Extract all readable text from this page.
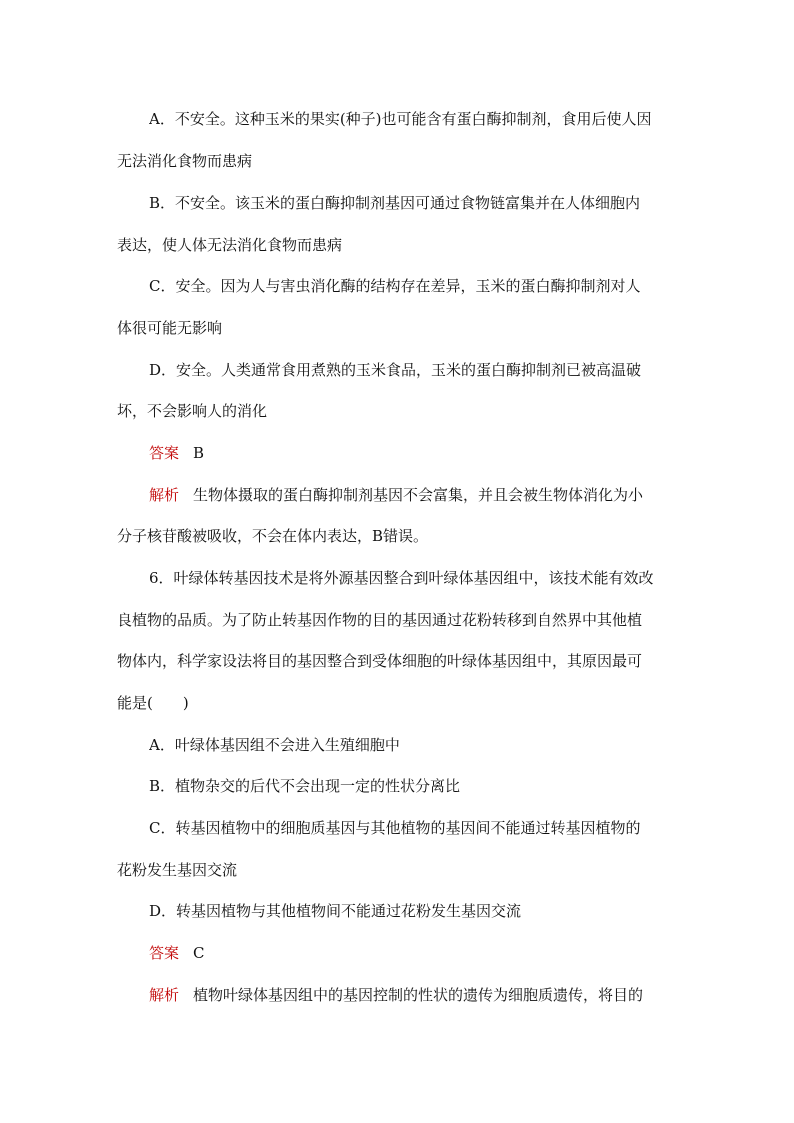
A．不安全。这种玉米的果实(种子)也可能含有蛋白酶抑制剂，食用后使人因
无法消化食物而患病
B．不安全。该玉米的蛋白酶抑制剂基因可通过食物链富集并在人体细胞内
表达，使人体无法消化食物而患病
C．安全。因为人与害虫消化酶的结构存在差异，玉米的蛋白酶抑制剂对人
体很可能无影响
D．安全。人类通常食用煮熟的玉米食品，玉米的蛋白酶抑制剂已被高温破
坏，不会影响人的消化
答案 B
解析 生物体摄取的蛋白酶抑制剂基因不会富集，并且会被生物体消化为小
分子核苷酸被吸收，不会在体内表达，B错误。
6．叶绿体转基因技术是将外源基因整合到叶绿体基因组中，该技术能有效改
良植物的品质。为了防止转基因作物的目的基因通过花粉转移到自然界中其他植
物体内，科学家设法将目的基因整合到受体细胞的叶绿体基因组中，其原因最可
能是(　　)
A．叶绿体基因组不会进入生殖细胞中
B．植物杂交的后代不会出现一定的性状分离比
C．转基因植物中的细胞质基因与其他植物的基因间不能通过转基因植物的
花粉发生基因交流
D．转基因植物与其他植物间不能通过花粉发生基因交流
答案 C
解析 植物叶绿体基因组中的基因控制的性状的遗传为细胞质遗传，将目的
